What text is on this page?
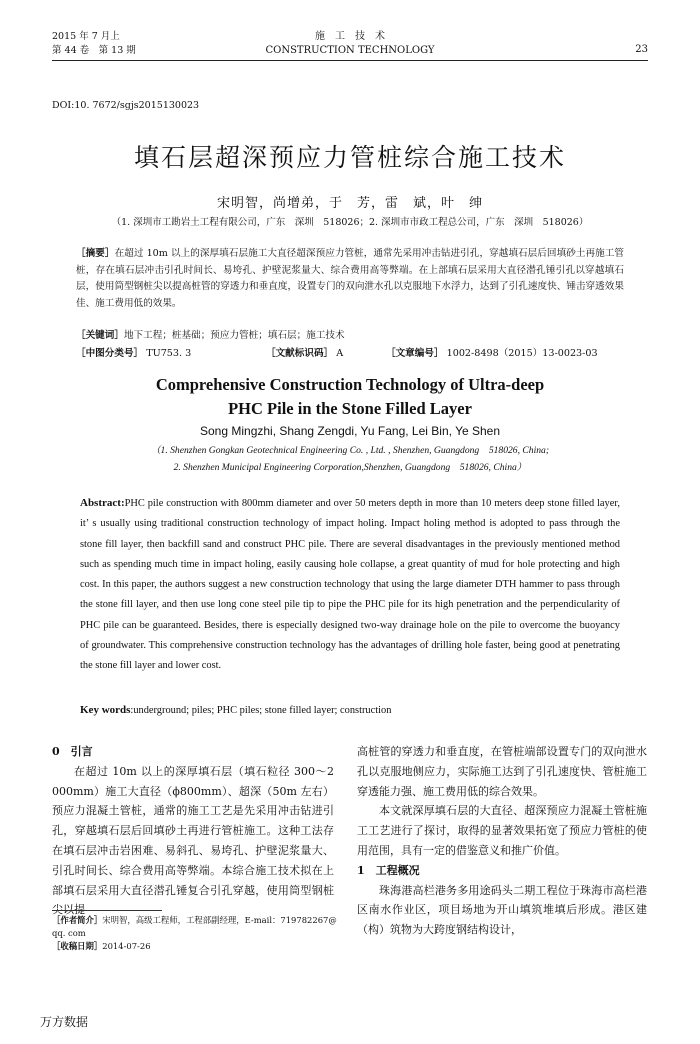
2015 年 7 月上
第 44 卷　第 13 期
施　工　技　术
CONSTRUCTION TECHNOLOGY	23
DOI:10. 7672/sgjs2015130023
填石层超深预应力管桩综合施工技术
宋明智，尚增弟，于　芳，雷　斌，叶　绅
（1. 深圳市工勘岩土工程有限公司，广东　深圳　518026；2. 深圳市市政工程总公司，广东　深圳　518026）
［摘要］在超过 10m 以上的深厚填石层施工大直径超深预应力管桩，通常先采用冲击钻进引孔，穿越填石层后回填砂土再施工管桩，存在填石层冲击引孔时间长、易垮孔、护壁泥浆量大、综合费用高等弊端。在上部填石层采用大直径潜孔锤引孔以穿越填石层，使用筒型钢桩尖以提高桩管的穿透力和垂直度，设置专门的双向泄水孔以克服地下水浮力，达到了引孔速度快、锤击穿透效果佳、施工费用低的效果。
［关键词］地下工程；桩基础；预应力管桩；填石层；施工技术
［中图分类号］ TU753. 3	［文献标识码］ A	［文章编号］ 1002-8498（2015）13-0023-03
Comprehensive Construction Technology of Ultra-deep
PHC Pile in the Stone Filled Layer
Song Mingzhi, Shang Zengdi, Yu Fang, Lei Bin, Ye Shen
（1. Shenzhen Gongkan Geotechnical Engineering Co. , Ltd. , Shenzhen, Guangdong　518026, China;
2. Shenzhen Municipal Engineering Corporation,Shenzhen, Guangdong　518026, China）
Abstract:PHC pile construction with 800mm diameter and over 50 meters depth in more than 10 meters deep stone filled layer, it’ s usually using traditional construction technology of impact holing. Impact holing method is adopted to pass through the stone fill layer, then backfill sand and construct PHC pile. There are several disadvantages in the previously mentioned method such as spending much time in impact holing, easily causing hole collapse, a great quantity of mud for hole protecting and high cost. In this paper, the authors suggest a new construction technology that using the large diameter DTH hammer to pass through the stone fill layer, and then use long cone steel pile tip to pipe the PHC pile for its high penetration and the perpendicularity of PHC pile can be guaranteed. Besides, there is especially designed two-way drainage hole on the pile to overcome the buoyancy of groundwater. This comprehensive construction technology has the advantages of drilling hole faster, being good at penetrating the stone fill layer and lower cost.
Key words:underground; piles; PHC piles; stone filled layer; construction
0　引言

在超过 10m 以上的深厚填石层（填石粒径 300～2 000mm）施工大直径（ϕ800mm）、超深（50m 左右）预应力混凝土管桩，通常的施工工艺是先采用冲击钻进引孔，穿越填石层后回填砂土再进行管桩施工。这种工法存在填石层冲击岩困难、易斜孔、易垮孔、护壁泥浆量大、引孔时间长、综合费用高等弊端。本综合施工技术拟在上部填石层采用大直径潜孔锤复合引孔穿越，使用筒型钢桩尖以提

高桩管的穿透力和垂直度，在管桩端部设置专门的双向泄水孔以克服地侧应力，实际施工达到了引孔速度快、管桩施工穿透能力强、施工费用低的综合效果。

本文就深厚填石层的大直径、超深预应力混凝土管桩施工工艺进行了探讨，取得的显著效果拓宽了预应力管桩的使用范围，具有一定的借鉴意义和推广价值。

1　工程概况

珠海港高栏港务多用途码头二期工程位于珠海市高栏港区南水作业区，项目场地为开山填筑堆填后形成。港区建（构）筑物为大跨度钢结构设计，

［作者简介］宋明智，高级工程师，工程部副经理，E-mail：719782267@ qq. com
［收稿日期］2014-07-26
万方数据
